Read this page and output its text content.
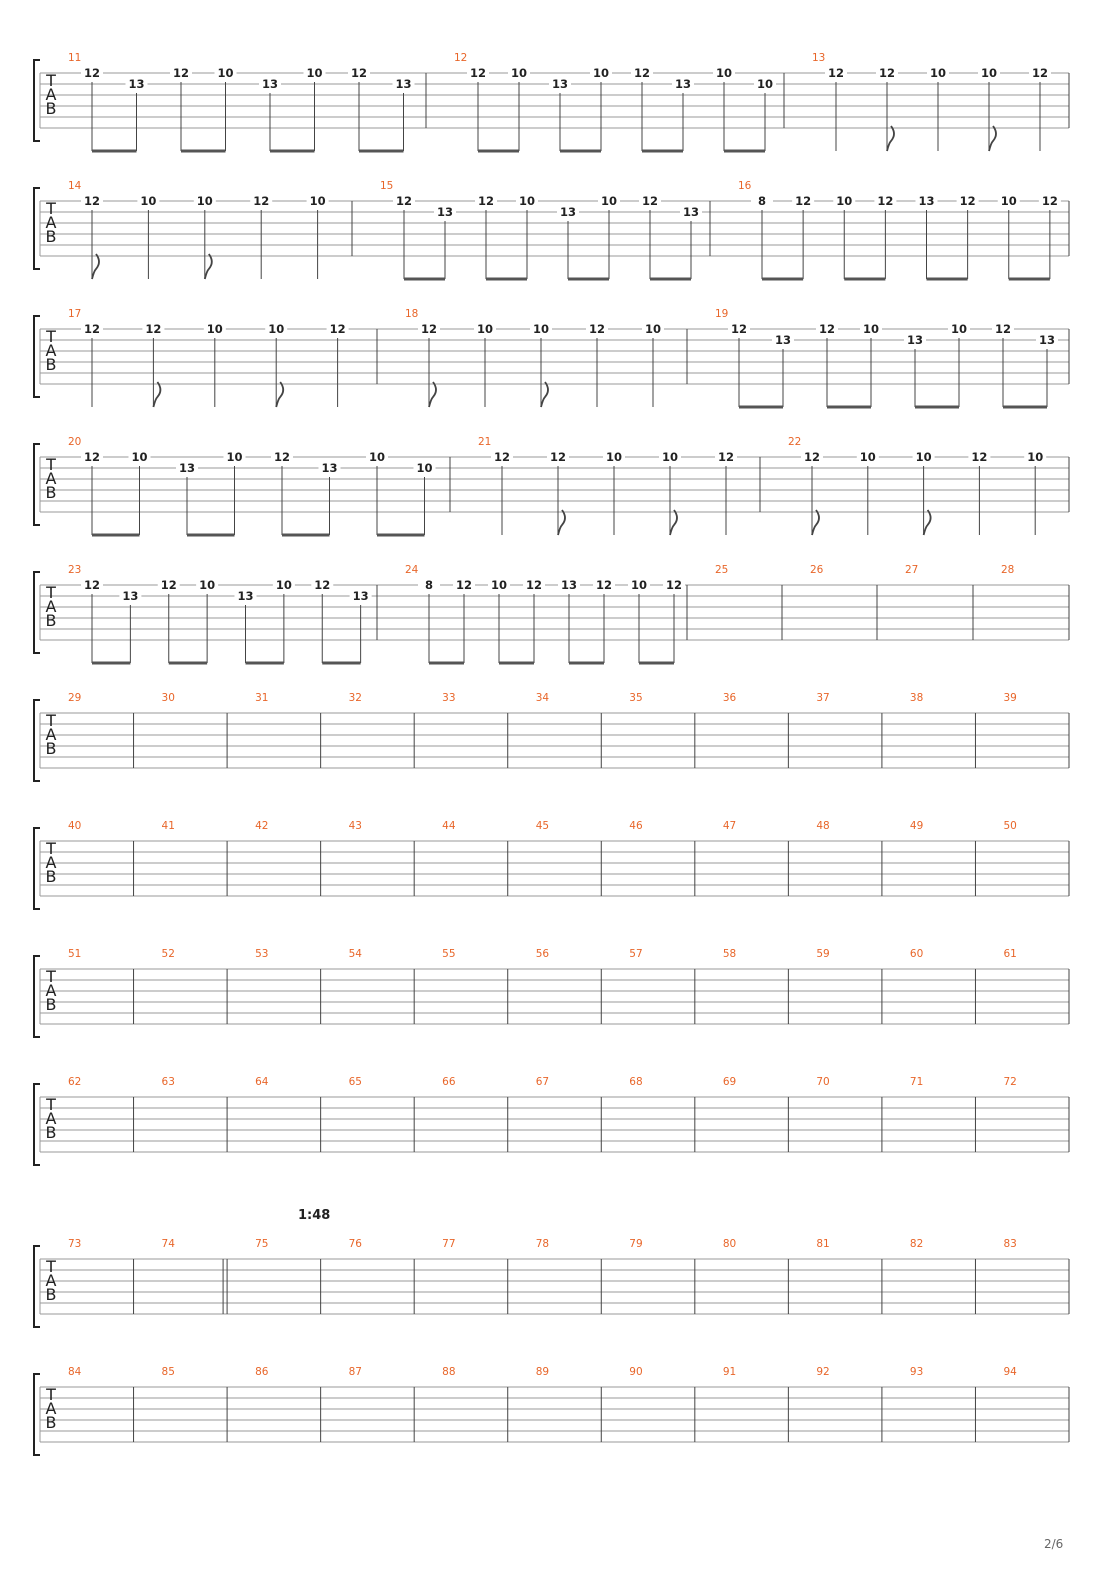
T
A
B
11
12
13
12 10
13
10 12
13
12
12 10
13
10 12
13
10
10
13
12	12	10	10	12
T
A
B
14
12	10	10	12	10
15
12
13
12 10
13
10 12
13
16
8	12 10 12 13 12 10 12
T
A
B
17
12	12	10	10	12
18
12	10	10	12	10
19
12
13
12 10
13
10 12
13
T
A
B
20
12	10
13
10	12
13
10
10
21
12	12	10	10	12
22
12	10	10	12	10
T
A
B
23
12
13
12 10
13
10 12
13
24
8 12 10 12 13 12 10 12
25	26	27	28
T
A
B
29	30	31	32	33	34	35	36	37	38	39
T
A
B
40	41	42	43	44	45	46	47	48	49	50
T
A
B
51	52	53	54	55	56	57	58	59	60	61
T
A
B
62	63	64	65	66	67	68	69	70	71	72
T
A
B
1:48
73	74	75	76	77	78	79	80	81	82	83
T
A
B
84	85	86	87	88	89	90	91	92	93	94
2/6
